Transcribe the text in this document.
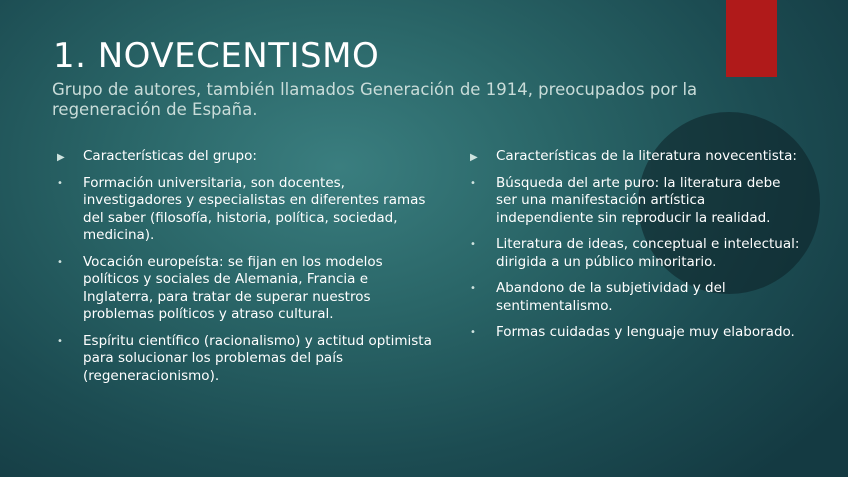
1. NOVECENTISMO
Grupo de autores, también llamados Generación de 1914, preocupados por la regeneración de España.
▶	Características del grupo:
•	Formación universitaria, son docentes, investigadores y especialistas en diferentes ramas del saber (filosofía, historia, política, sociedad, medicina).
•	Vocación europeísta: se fijan en los modelos políticos y sociales de Alemania, Francia e Inglaterra, para tratar de superar nuestros problemas políticos y atraso cultural.
•	Espíritu científico (racionalismo) y actitud optimista para solucionar los problemas del país (regeneracionismo).
▶	Características de la literatura novecentista:
•	Búsqueda del arte puro: la literatura debe ser una manifestación artística independiente sin reproducir la realidad.
•	Literatura de ideas, conceptual e intelectual: dirigida a un público minoritario.
•	Abandono de la subjetividad y del sentimentalismo.
•	Formas cuidadas y lenguaje muy elaborado.
